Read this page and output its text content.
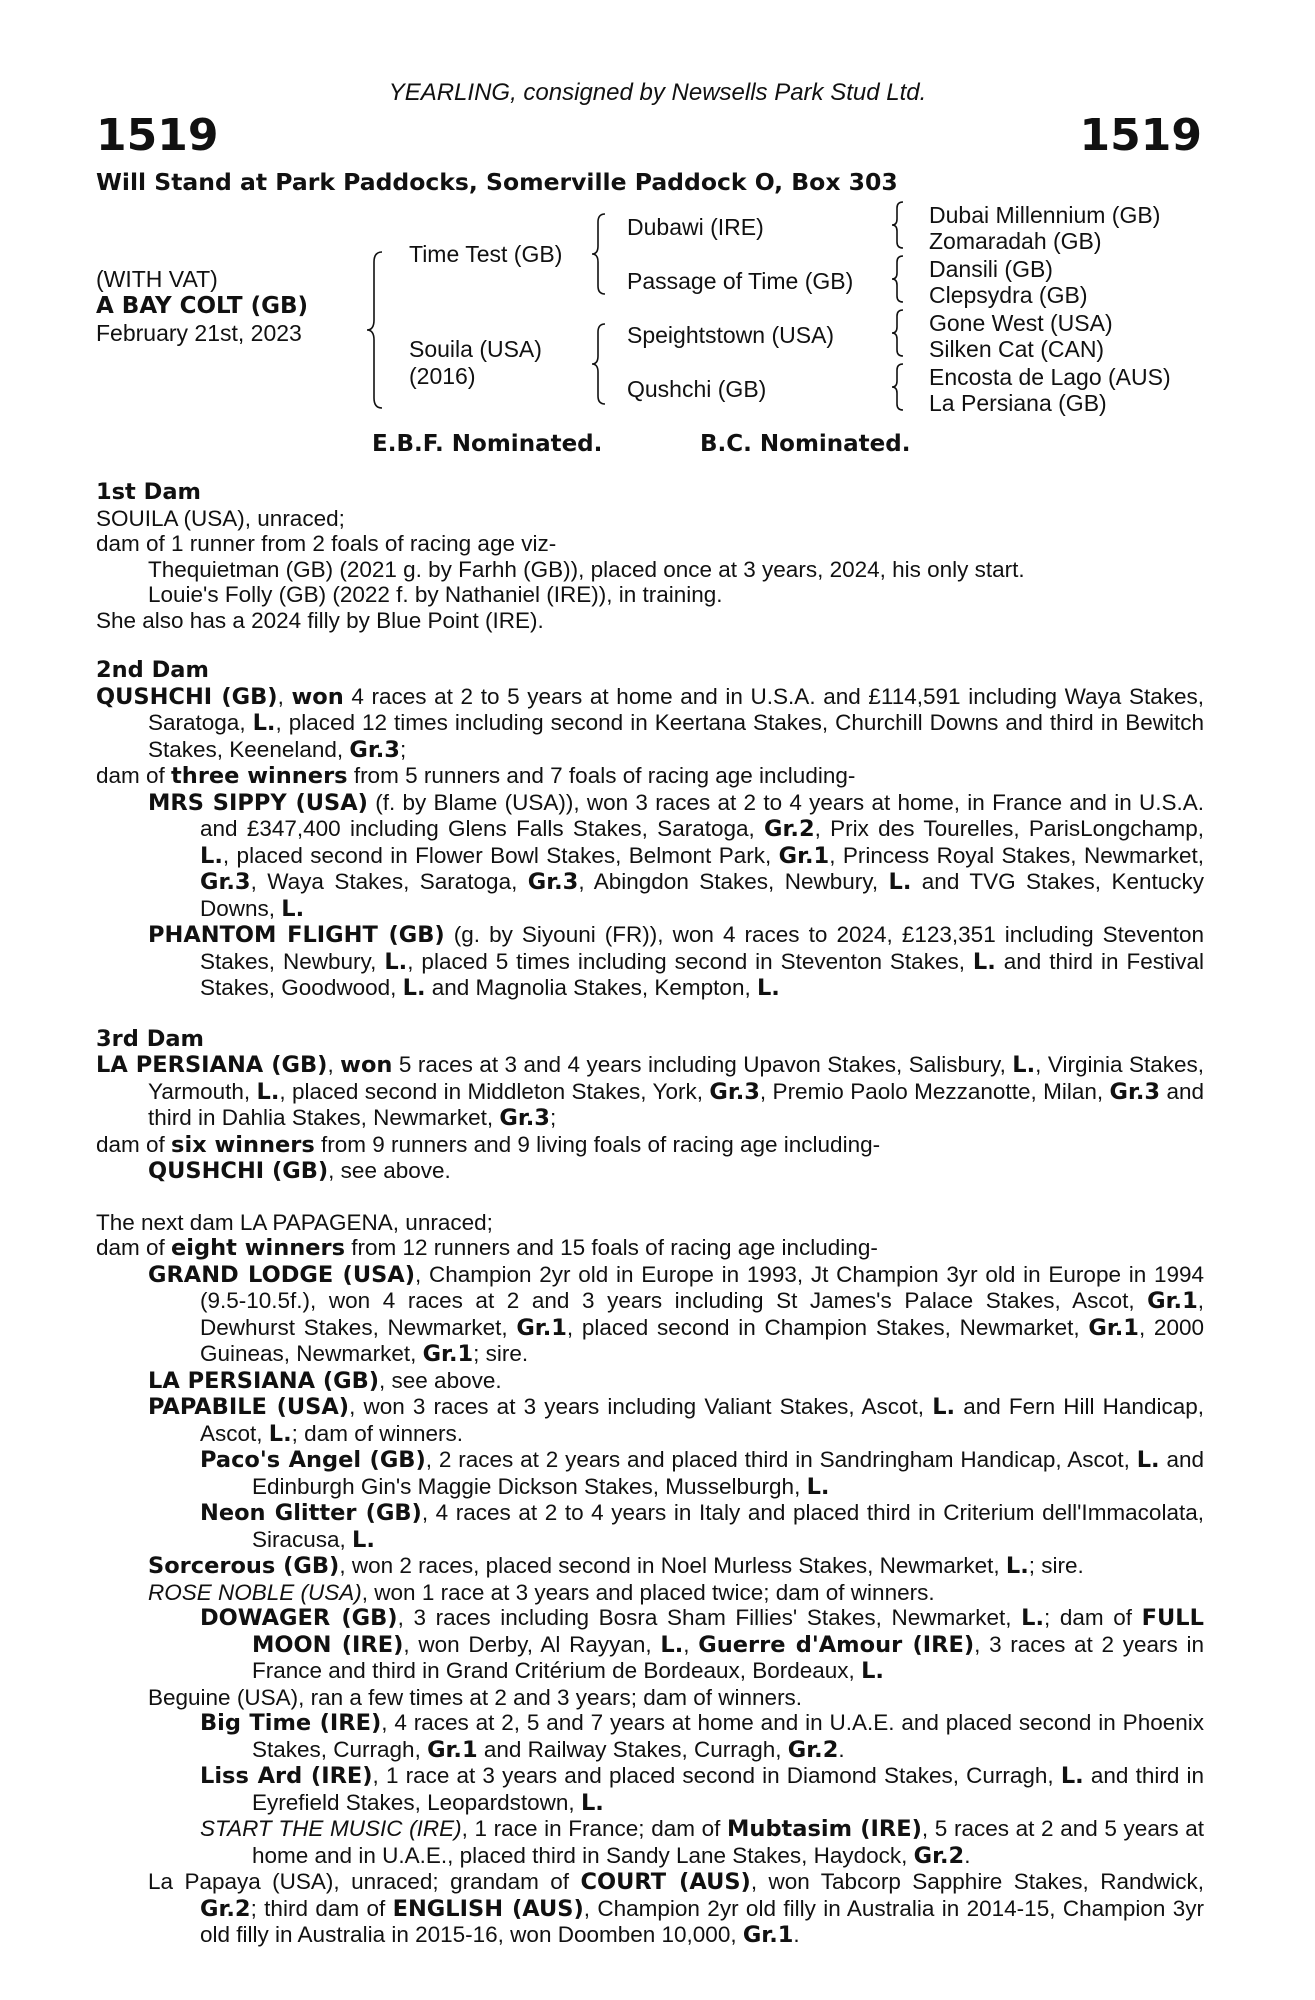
YEARLING, consigned by Newsells Park Stud Ltd.
1519	1519
Will Stand at Park Paddocks, Somerville Paddock O, Box 303
(WITH VAT)
A BAY COLT (GB)
February 21st, 2023
Time Test (GB)
Souila (USA)
(2016)
Dubawi (IRE)
Passage of Time (GB)
Speightstown (USA)
Qushchi (GB)
Dubai Millennium (GB)
Zomaradah (GB)
Dansili (GB)
Clepsydra (GB)
Gone West (USA)
Silken Cat (CAN)
Encosta de Lago (AUS)
La Persiana (GB)
E.B.F. Nominated.	B.C. Nominated.
1st Dam
SOUILA (USA), unraced;
dam of 1 runner from 2 foals of racing age viz-
Thequietman (GB) (2021 g. by Farhh (GB)), placed once at 3 years, 2024, his only start.
Louie's Folly (GB) (2022 f. by Nathaniel (IRE)), in training.
She also has a 2024 filly by Blue Point (IRE).
2nd Dam
QUSHCHI (GB), won 4 races at 2 to 5 years at home and in U.S.A. and £114,591 including Waya Stakes, Saratoga, L., placed 12 times including second in Keertana Stakes, Churchill Downs and third in Bewitch Stakes, Keeneland, Gr.3;
dam of three winners from 5 runners and 7 foals of racing age including-
MRS SIPPY (USA) (f. by Blame (USA)), won 3 races at 2 to 4 years at home, in France and in U.S.A. and £347,400 including Glens Falls Stakes, Saratoga, Gr.2, Prix des Tourelles, ParisLongchamp, L., placed second in Flower Bowl Stakes, Belmont Park, Gr.1, Princess Royal Stakes, Newmarket, Gr.3, Waya Stakes, Saratoga, Gr.3, Abingdon Stakes, Newbury, L. and TVG Stakes, Kentucky Downs, L.
PHANTOM FLIGHT (GB) (g. by Siyouni (FR)), won 4 races to 2024, £123,351 including Steventon Stakes, Newbury, L., placed 5 times including second in Steventon Stakes, L. and third in Festival Stakes, Goodwood, L. and Magnolia Stakes, Kempton, L.
3rd Dam
LA PERSIANA (GB), won 5 races at 3 and 4 years including Upavon Stakes, Salisbury, L., Virginia Stakes, Yarmouth, L., placed second in Middleton Stakes, York, Gr.3, Premio Paolo Mezzanotte, Milan, Gr.3 and third in Dahlia Stakes, Newmarket, Gr.3;
dam of six winners from 9 runners and 9 living foals of racing age including-
QUSHCHI (GB), see above.
The next dam LA PAPAGENA, unraced;
dam of eight winners from 12 runners and 15 foals of racing age including-
GRAND LODGE (USA), Champion 2yr old in Europe in 1993, Jt Champion 3yr old in Europe in 1994 (9.5-10.5f.), won 4 races at 2 and 3 years including St James's Palace Stakes, Ascot, Gr.1, Dewhurst Stakes, Newmarket, Gr.1, placed second in Champion Stakes, Newmarket, Gr.1, 2000 Guineas, Newmarket, Gr.1; sire.
LA PERSIANA (GB), see above.
PAPABILE (USA), won 3 races at 3 years including Valiant Stakes, Ascot, L. and Fern Hill Handicap, Ascot, L.; dam of winners.
Paco's Angel (GB), 2 races at 2 years and placed third in Sandringham Handicap, Ascot, L. and Edinburgh Gin's Maggie Dickson Stakes, Musselburgh, L.
Neon Glitter (GB), 4 races at 2 to 4 years in Italy and placed third in Criterium dell'Immacolata, Siracusa, L.
Sorcerous (GB), won 2 races, placed second in Noel Murless Stakes, Newmarket, L.; sire.
ROSE NOBLE (USA), won 1 race at 3 years and placed twice; dam of winners.
DOWAGER (GB), 3 races including Bosra Sham Fillies' Stakes, Newmarket, L.; dam of FULL MOON (IRE), won Derby, Al Rayyan, L., Guerre d'Amour (IRE), 3 races at 2 years in France and third in Grand Critérium de Bordeaux, Bordeaux, L.
Beguine (USA), ran a few times at 2 and 3 years; dam of winners.
Big Time (IRE), 4 races at 2, 5 and 7 years at home and in U.A.E. and placed second in Phoenix Stakes, Curragh, Gr.1 and Railway Stakes, Curragh, Gr.2.
Liss Ard (IRE), 1 race at 3 years and placed second in Diamond Stakes, Curragh, L. and third in Eyrefield Stakes, Leopardstown, L.
START THE MUSIC (IRE), 1 race in France; dam of Mubtasim (IRE), 5 races at 2 and 5 years at home and in U.A.E., placed third in Sandy Lane Stakes, Haydock, Gr.2.
La Papaya (USA), unraced; grandam of COURT (AUS), won Tabcorp Sapphire Stakes, Randwick, Gr.2; third dam of ENGLISH (AUS), Champion 2yr old filly in Australia in 2014-15, Champion 3yr old filly in Australia in 2015-16, won Doomben 10,000, Gr.1.
